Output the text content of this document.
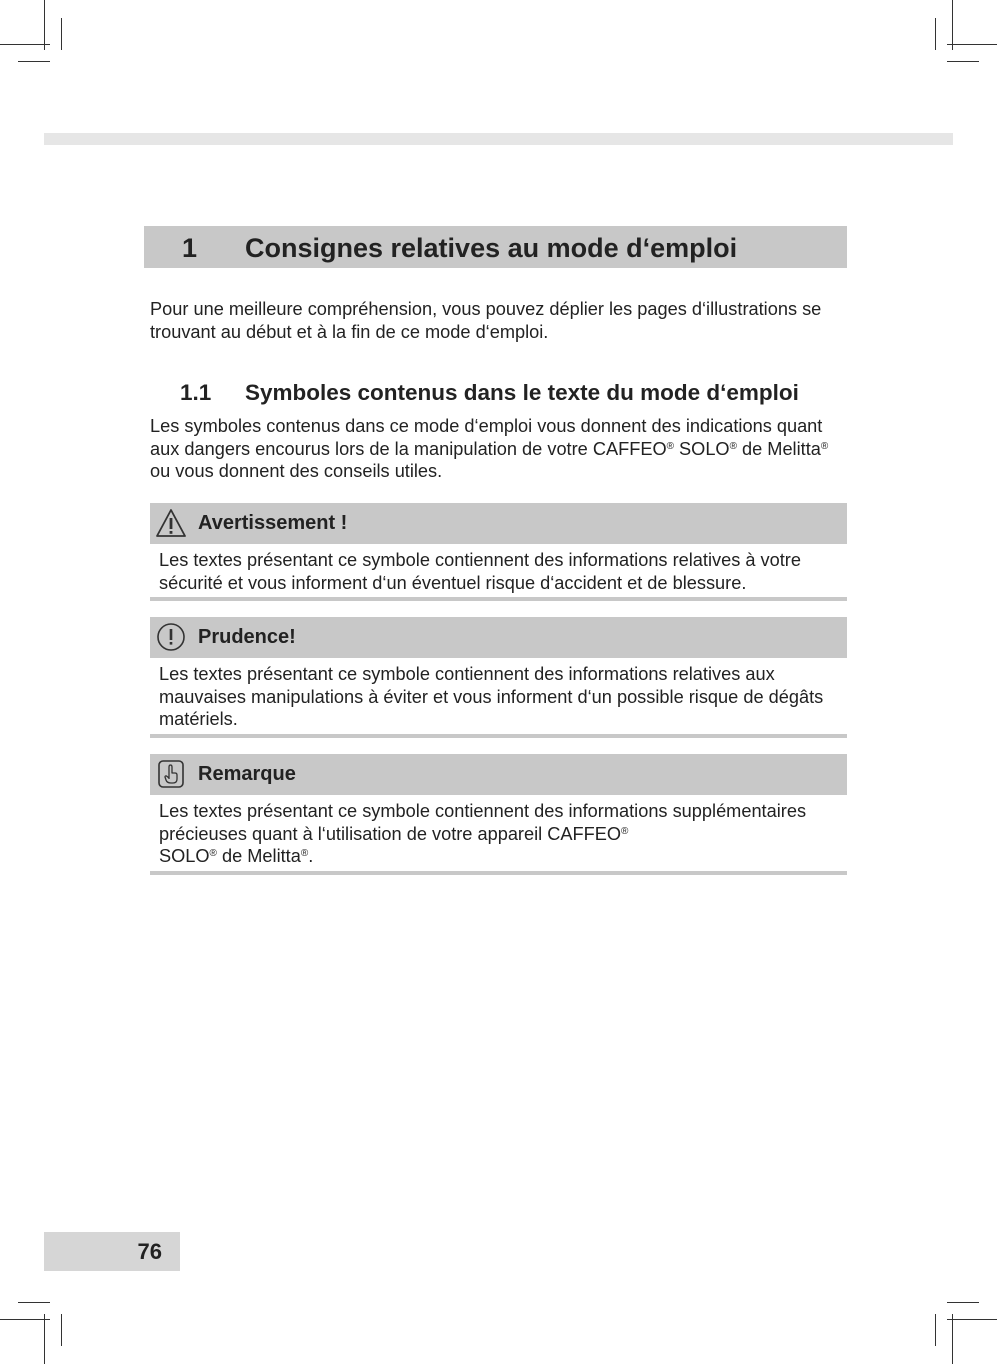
1 Consignes relatives au mode d‘emploi
Pour une meilleure compréhension, vous pouvez déplier les pages d‘illustrations se trouvant au début et à la fin de ce mode d‘emploi.
1.1 Symboles contenus dans le texte du mode d‘emploi
Les symboles contenus dans ce mode d‘emploi vous donnent des indications quant aux dangers encourus lors de la manipulation de votre CAFFEO® SOLO® de Melitta® ou vous donnent des conseils utiles.
Avertissement !
Les textes présentant ce symbole contiennent des informations relatives à votre sécurité et vous informent d‘un éventuel risque d‘accident et de blessure.
Prudence!
Les textes présentant ce symbole contiennent des informations relatives aux mauvaises manipulations à éviter et vous informent d‘un possible risque de dégâts matériels.
Remarque
Les textes présentant ce symbole contiennent des informations supplémentaires précieuses quant à l‘utilisation de votre appareil CAFFEO®
SOLO® de Melitta®.
76
